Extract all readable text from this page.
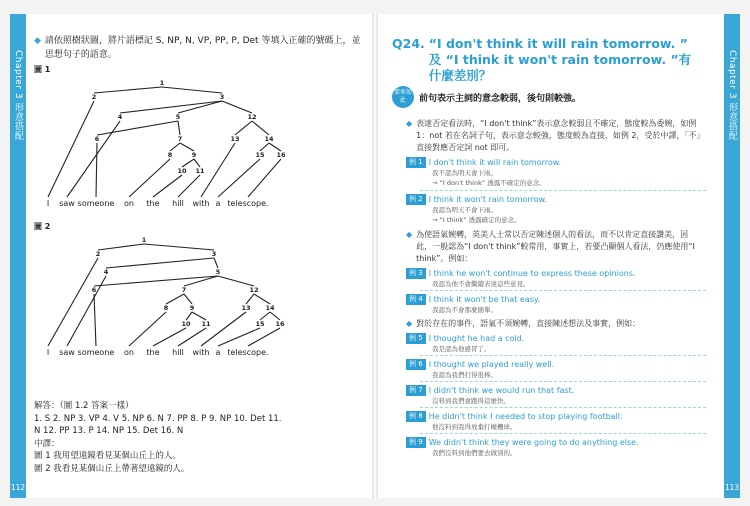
Chapter 3 形意搭配
112
◆ 請依照樹狀圖，將片語標記 S, NP, N, VP, PP, P, Det 等填入正確的號碼上，並思想句子的語意。
圖 1
1
2	3
4	5	12
6	7	13	14
8	9	15 16
10 11
I saw someone on the hill with a telescope.
圖 2
1
2	3
4	5
6	7	12
8	9	13 14
10 11	15 16
I saw someone on the hill with a telescope.
解答：（圖 1.2 答案一樣）
1. S 2. NP 3. VP 4. V 5. NP 6. N 7. PP 8. P 9. NP 10. Det 11.
N 12. PP 13. P 14. NP 15. Det 16. N
中譯：
圖 1 我用望遠鏡看見某個山丘上的人。
圖 2 我看見某個山丘上帶著望遠鏡的人。
Chapter 3 形意搭配
113
Q24. “I don't think it will rain tomorrow. ”
及 “I think it won't rain tomorrow. ”有
什麼差別？
要來如此	前句表示主詞的意念較弱，後句則較強。
◆ 表達否定看法時，“I don't think”表示意念較弱且不確定，態度較為委婉，如例 1：not 若在名詞子句，表示意念較強，態度較為直接，如例 2，受於中譯，「不」直接對應否定詞 not 即可。
例 1 I don't think it will rain tomorrow.
我不認為明天會下雨。
→ “I don't think” 透露不確定的意念。
例 2 I think it won't rain tomorrow.
我認為明天不會下雨。
→ “I think” 透露確定的意念。
◆ 為使語氣婉轉，英美人士常以否定陳述個人的看法，而不以肯定直接讚美，因此，一般認為“I don't think”較常用，事實上，若要凸顯個人看法，仍應使用“I think”。例如：
例 3 I think he won't continue to express these opinions.
我認為他不會繼續表達這些意見。
例 4 I think it won't be that easy.
我認為不會那麼簡單。
◆ 對於存在的事件，語氣不須婉轉，直接陳述想法及事實，例如：
例 5 I thought he had a cold.
我是認為他感冒了。
例 6 I thought we played really well.
我認為我們打得很棒。
例 7 I didn't think we would run that fast.
沒料到我們會跑得這麼快。
例 8 He didn't think I needed to stop playing football.
他沒料到我得放棄打橄欖球。
例 9 We didn't think they were going to do anything else.
我們沒料到他們要去做別的。
